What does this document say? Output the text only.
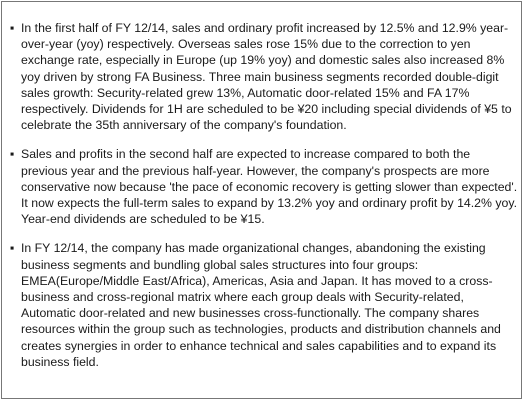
▪ In the first half of FY 12/14, sales and ordinary profit increased by 12.5% and 12.9% year-over-year (yoy) respectively. Overseas sales rose 15% due to the correction to yen exchange rate, especially in Europe (up 19% yoy) and domestic sales also increased 8% yoy driven by strong FA Business. Three main business segments recorded double-digit sales growth: Security-related grew 13%, Automatic door-related 15% and FA 17% respectively. Dividends for 1H are scheduled to be ¥20 including special dividends of ¥5 to celebrate the 35th anniversary of the company's foundation.

▪ Sales and profits in the second half are expected to increase compared to both the previous year and the previous half-year. However, the company's prospects are more conservative now because 'the pace of economic recovery is getting slower than expected'. It now expects the full-term sales to expand by 13.2% yoy and ordinary profit by 14.2% yoy. Year-end dividends are scheduled to be ¥15.

▪ In FY 12/14, the company has made organizational changes, abandoning the existing business segments and bundling global sales structures into four groups: EMEA(Europe/Middle East/Africa), Americas, Asia and Japan. It has moved to a cross-business and cross-regional matrix where each group deals with Security-related, Automatic door-related and new businesses cross-functionally. The company shares resources within the group such as technologies, products and distribution channels and creates synergies in order to enhance technical and sales capabilities and to expand its business field.
